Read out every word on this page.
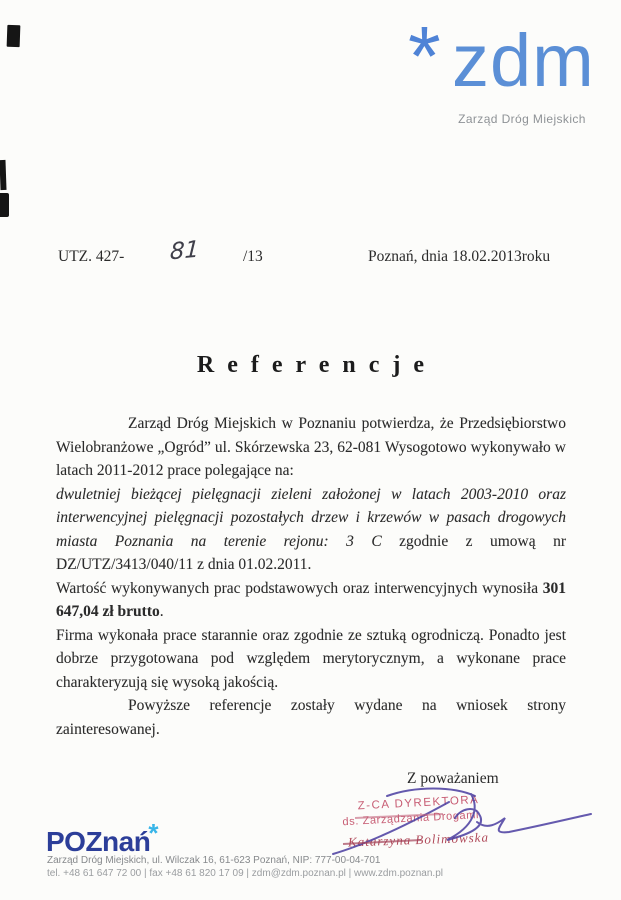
* zdm
Zarząd Dróg Miejskich
UTZ. 427- 81	/13	Poznań, dnia 18.02.2013roku
Referencje

Zarząd Dróg Miejskich w Poznaniu potwierdza, że Przedsiębiorstwo Wielobranżowe „Ogród” ul. Skórzewska 23, 62-081 Wysogotowo wykonywało w latach 2011-2012 prace polegające na:

dwuletniej bieżącej pielęgnacji zieleni założonej w latach 2003-2010 oraz interwencyjnej pielęgnacji pozostałych drzew i krzewów w pasach drogowych miasta Poznania na terenie rejonu: 3 C zgodnie z umową nr DZ/UTZ/3413/040/11 z dnia 01.02.2011.

Wartość wykonywanych prac podstawowych oraz interwencyjnych wynosiła 301 647,04 zł brutto.

Firma wykonała prace starannie oraz zgodnie ze sztuką ogrodniczą. Ponadto jest dobrze przygotowana pod względem merytorycznym, a wykonane prace charakteryzują się wysoką jakością.

Powyższe referencje zostały wydane na wniosek strony zainteresowanej.

Z poważaniem
Z-CA DYREKTORA
ds. Zarządzania Drogami
Katarzyna Bolimowska
POZnań*
Zarząd Dróg Miejskich, ul. Wilczak 16, 61-623 Poznań, NIP: 777-00-04-701
tel. +48 61 647 72 00 | fax +48 61 820 17 09 | zdm@zdm.poznan.pl | www.zdm.poznan.pl
